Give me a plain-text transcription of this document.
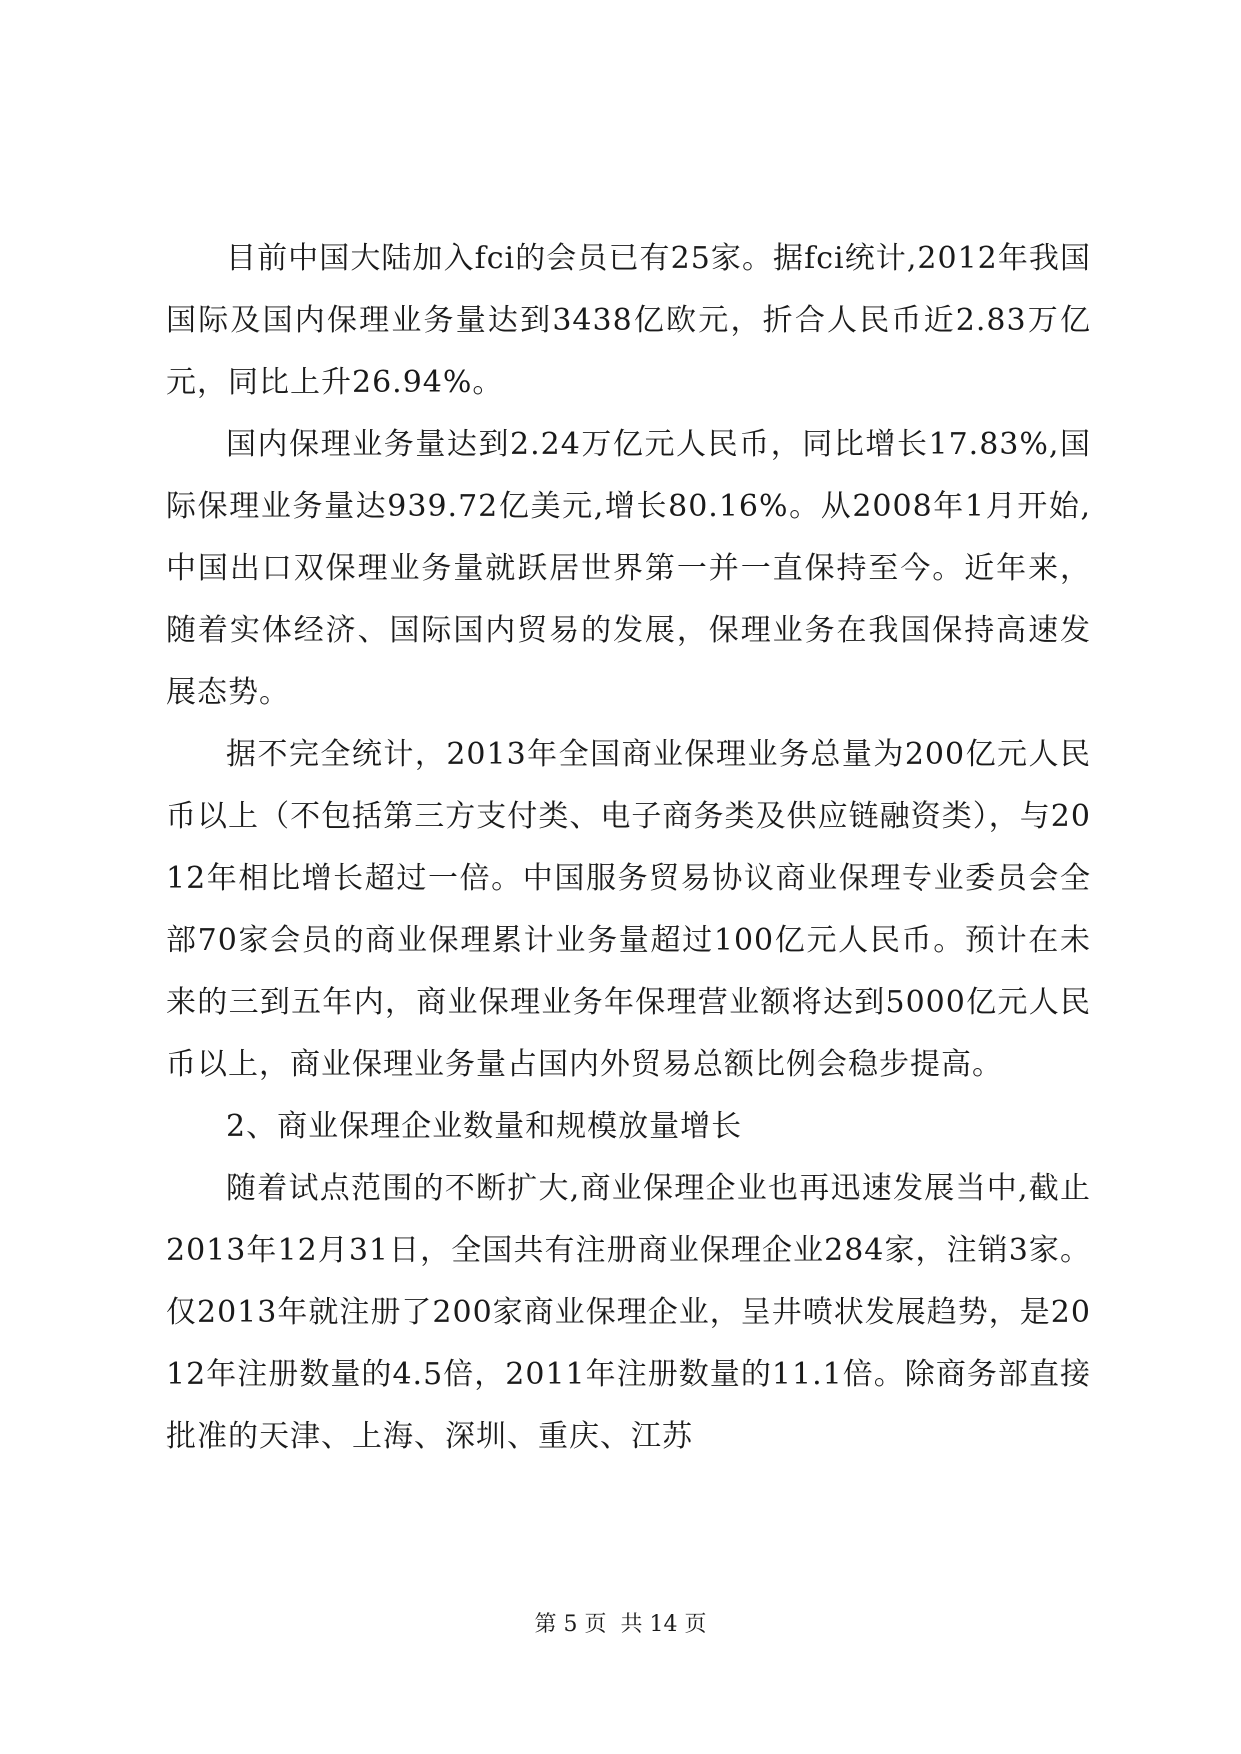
目前中国大陆加入fci的会员已有25家。据fci统计,2012年我国国际及国内保理业务量达到3438亿欧元，折合人民币近2.83万亿元，同比上升26.94%。

国内保理业务量达到2.24万亿元人民币，同比增长17.83%,国际保理业务量达939.72亿美元,增长80.16%。从2008年1月开始,中国出口双保理业务量就跃居世界第一并一直保持至今。近年来，随着实体经济、国际国内贸易的发展，保理业务在我国保持高速发展态势。

据不完全统计，2013年全国商业保理业务总量为200亿元人民币以上（不包括第三方支付类、电子商务类及供应链融资类），与2012年相比增长超过一倍。中国服务贸易协议商业保理专业委员会全部70家会员的商业保理累计业务量超过100亿元人民币。预计在未来的三到五年内，商业保理业务年保理营业额将达到5000亿元人民币以上，商业保理业务量占国内外贸易总额比例会稳步提高。

2、商业保理企业数量和规模放量增长

随着试点范围的不断扩大,商业保理企业也再迅速发展当中,截止2013年12月31日，全国共有注册商业保理企业284家，注销3家。仅2013年就注册了200家商业保理企业，呈井喷状发展趋势，是2012年注册数量的4.5倍，2011年注册数量的11.1倍。除商务部直接批准的天津、上海、深圳、重庆、江苏

第 5 页 共 14 页
